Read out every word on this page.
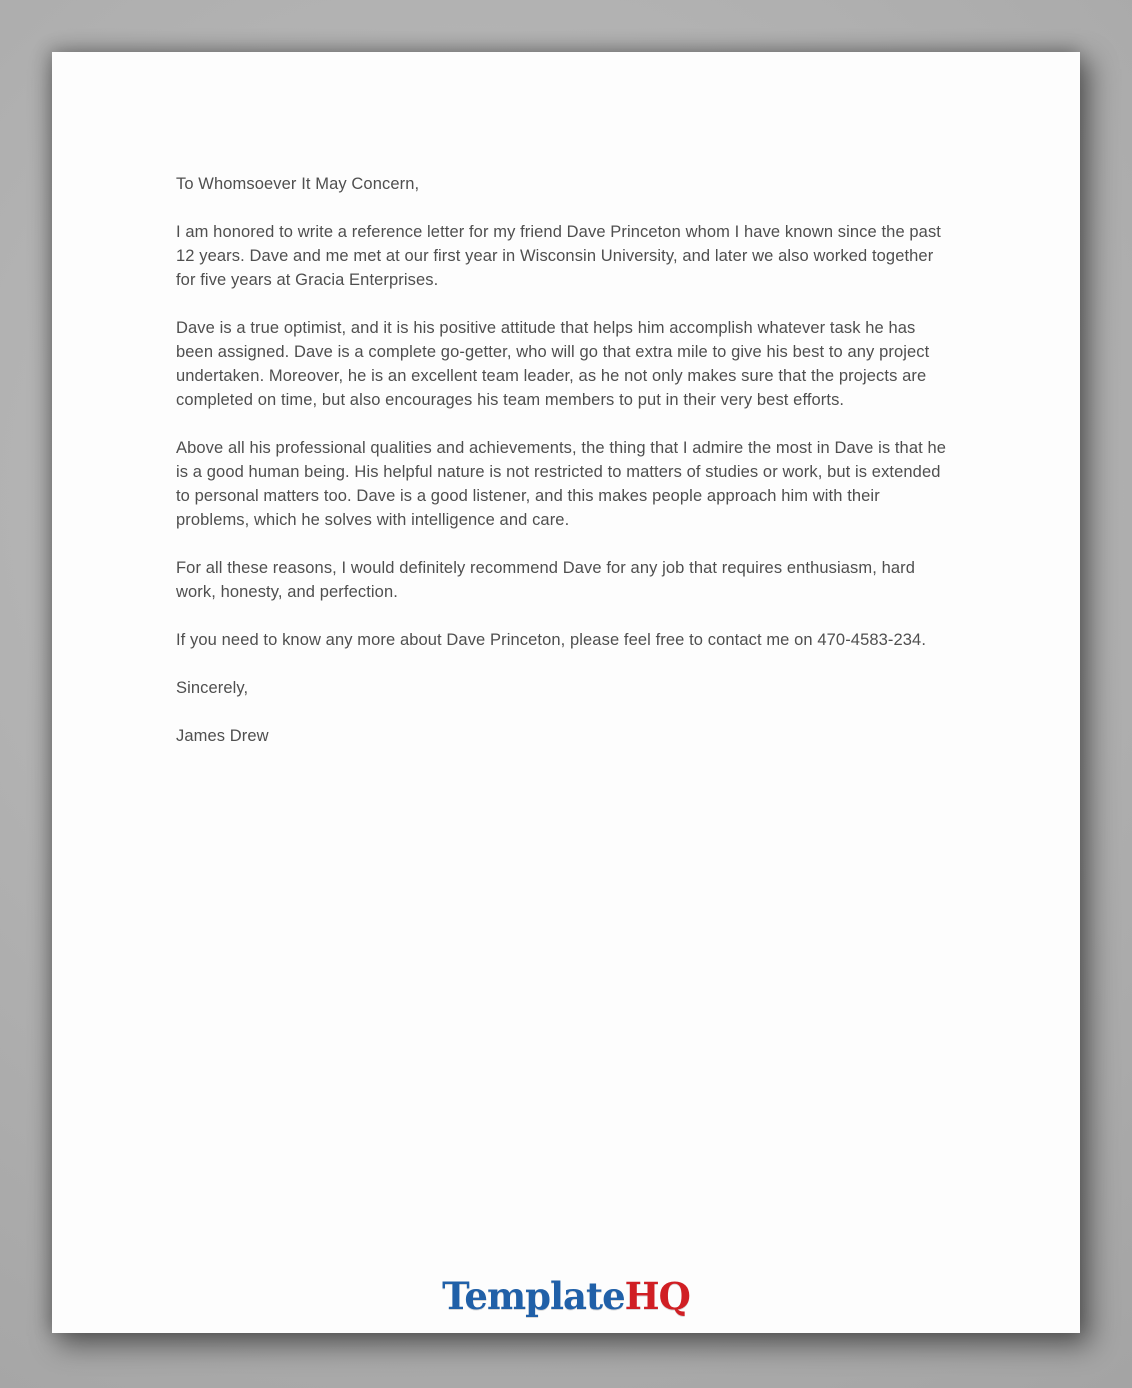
To Whomsoever It May Concern,

I am honored to write a reference letter for my friend Dave Princeton whom I have known since the past 12 years. Dave and me met at our first year in Wisconsin University, and later we also worked together for five years at Gracia Enterprises.

Dave is a true optimist, and it is his positive attitude that helps him accomplish whatever task he has been assigned. Dave is a complete go-getter, who will go that extra mile to give his best to any project undertaken. Moreover, he is an excellent team leader, as he not only makes sure that the projects are completed on time, but also encourages his team members to put in their very best efforts.

Above all his professional qualities and achievements, the thing that I admire the most in Dave is that he is a good human being. His helpful nature is not restricted to matters of studies or work, but is extended to personal matters too. Dave is a good listener, and this makes people approach him with their problems, which he solves with intelligence and care.

For all these reasons, I would definitely recommend Dave for any job that requires enthusiasm, hard work, honesty, and perfection.

If you need to know any more about Dave Princeton, please feel free to contact me on 470-4583-234.

Sincerely,

James Drew

TemplateHQ
